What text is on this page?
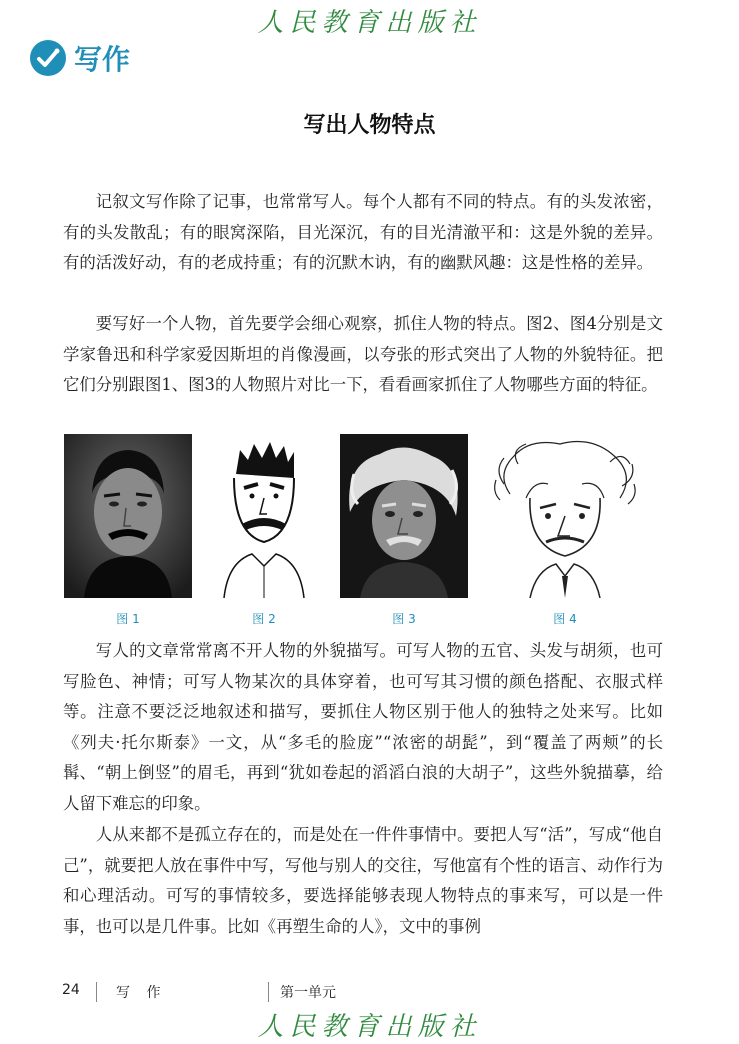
人民教育出版社
写作
写出人物特点

记叙文写作除了记事，也常常写人。每个人都有不同的特点。有的头发浓密，有的头发散乱；有的眼窝深陷，目光深沉，有的目光清澈平和：这是外貌的差异。有的活泼好动，有的老成持重；有的沉默木讷，有的幽默风趣：这是性格的差异。

要写好一个人物，首先要学会细心观察，抓住人物的特点。图2、图4分别是文学家鲁迅和科学家爱因斯坦的肖像漫画，以夸张的形式突出了人物的外貌特征。把它们分别跟图1、图3的人物照片对比一下，看看画家抓住了人物哪些方面的特征。

图 1	图 2	图 3	图 4

写人的文章常常离不开人物的外貌描写。可写人物的五官、头发与胡须，也可写脸色、神情；可写人物某次的具体穿着，也可写其习惯的颜色搭配、衣服式样等。注意不要泛泛地叙述和描写，要抓住人物区别于他人的独特之处来写。比如《列夫·托尔斯泰》一文，从“多毛的脸庞”“浓密的胡髭”，到“覆盖了两颊”的长髯、“朝上倒竖”的眉毛，再到“犹如卷起的滔滔白浪的大胡子”，这些外貌描摹，给人留下难忘的印象。

人从来都不是孤立存在的，而是处在一件件事情中。要把人写“活”，写成“他自己”，就要把人放在事件中写，写他与别人的交往，写他富有个性的语言、动作行为和心理活动。可写的事情较多，要选择能够表现人物特点的事来写，可以是一件事，也可以是几件事。比如《再塑生命的人》，文中的事例

24	写 作	第一单元
人民教育出版社
